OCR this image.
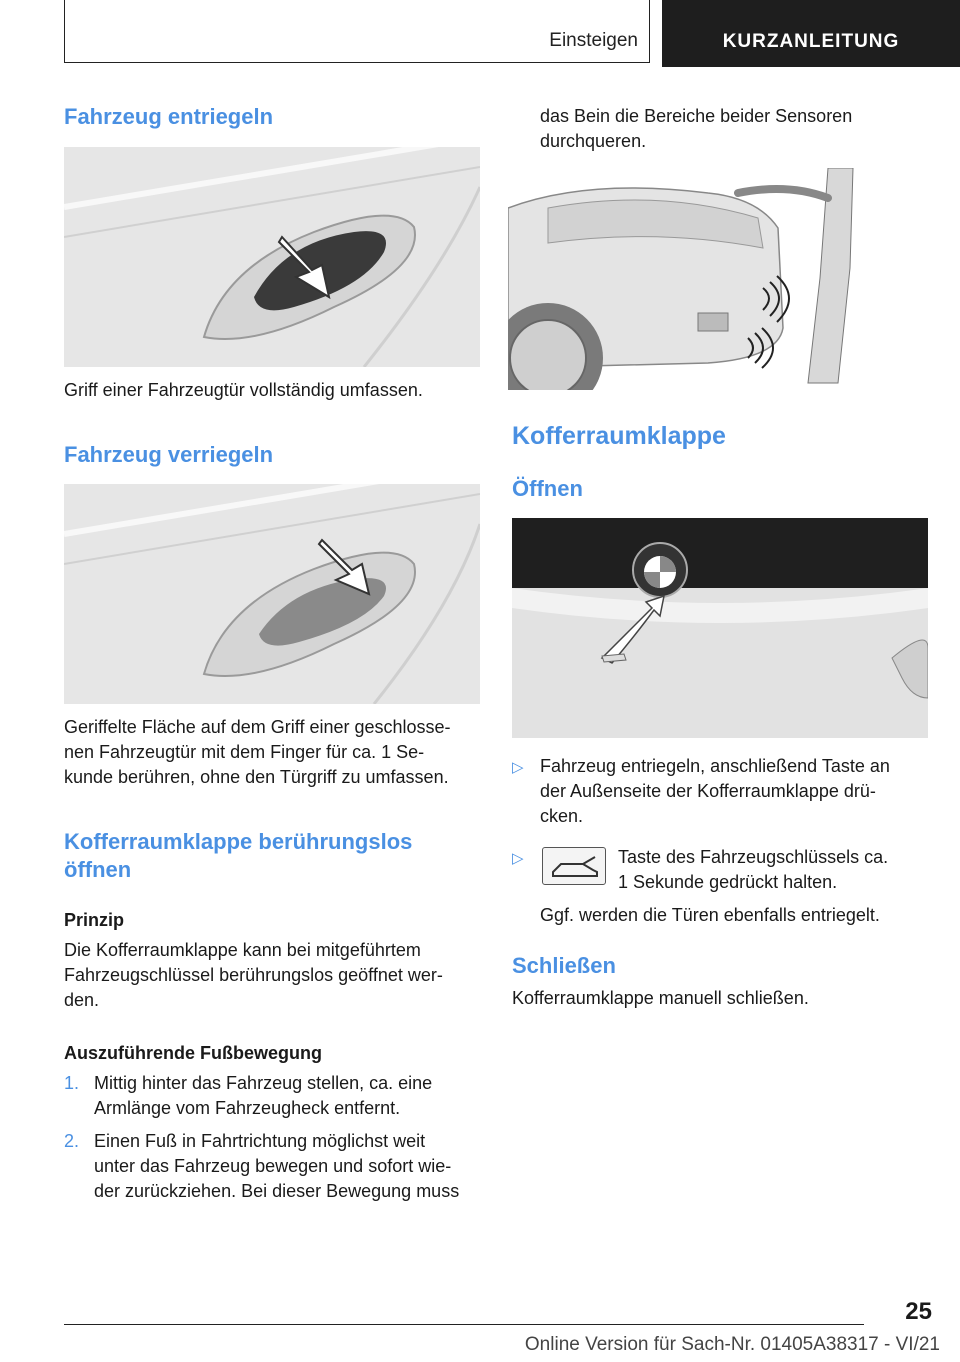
Einsteigen	KURZANLEITUNG
Fahrzeug entriegeln

Griff einer Fahrzeugtür vollständig umfassen.

Fahrzeug verriegeln

Geriffelte Fläche auf dem Griff einer geschlosse-
nen Fahrzeugtür mit dem Finger für ca. 1 Se-
kunde berühren, ohne den Türgriff zu umfassen.

Kofferraumklappe berührungslos
öffnen
Prinzip

Die Kofferraumklappe kann bei mitgeführtem
Fahrzeugschlüssel berührungslos geöffnet wer-
den.

Auszuführende Fußbewegung
1. Mittig hinter das Fahrzeug stellen, ca. eine
Armlänge vom Fahrzeugheck entfernt.
2. Einen Fuß in Fahrtrichtung möglichst weit
unter das Fahrzeug bewegen und sofort wie-
der zurückziehen. Bei dieser Bewegung muss

das Bein die Bereiche beider Sensoren
durchqueren.

Kofferraumklappe
Öffnen
▷ Fahrzeug entriegeln, anschließend Taste an
der Außenseite der Kofferraumklappe drü-
cken.
▷	Taste des Fahrzeugschlüssels ca.
1 Sekunde gedrückt halten.
Ggf. werden die Türen ebenfalls entriegelt.
Schließen

Kofferraumklappe manuell schließen.

25
Online Version für Sach-Nr. 01405A38317 - VI/21
